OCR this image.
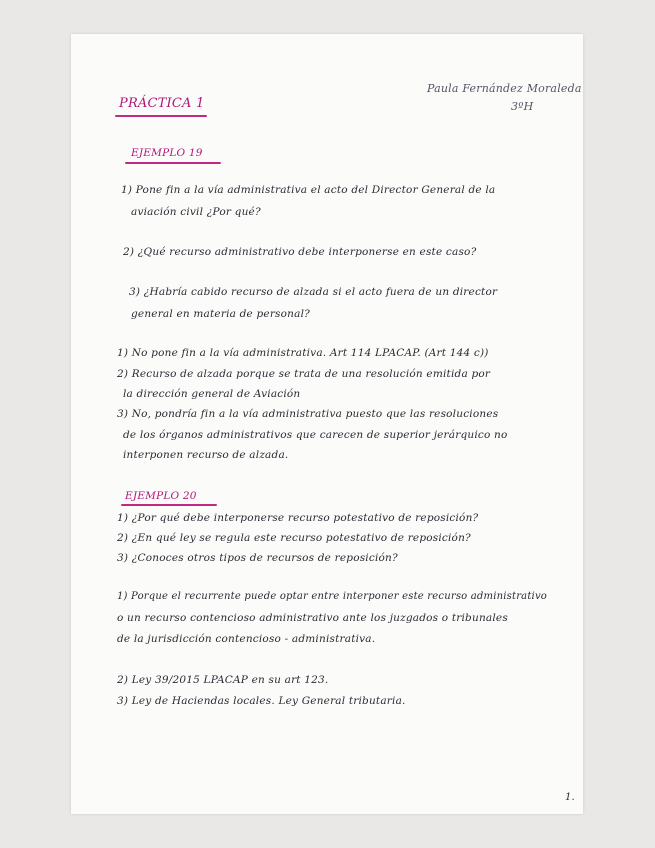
PRÁCTICA 1
Paula Fernández Moraleda
3ºH
EJEMPLO 19
1) Pone fin a la vía administrativa el acto del Director General de la
aviación civil ¿Por qué?
2) ¿Qué recurso administrativo debe interponerse en este caso?
3) ¿Habría cabido recurso de alzada si el acto fuera de un director
general en materia de personal?
1) No pone fin a la vía administrativa. Art 114 LPACAP. (Art 144 c))
2) Recurso de alzada porque se trata de una resolución emitida por
la dirección general de Aviación
3) No, pondría fin a la vía administrativa puesto que las resoluciones
de los órganos administrativos que carecen de superior jerárquico no
interponen recurso de alzada.
EJEMPLO 20
1) ¿Por qué debe interponerse recurso potestativo de reposición?
2) ¿En qué ley se regula este recurso potestativo de reposición?
3) ¿Conoces otros tipos de recursos de reposición?
1) Porque el recurrente puede optar entre interponer este recurso administrativo
o un recurso contencioso administrativo ante los juzgados o tribunales
de la jurisdicción contencioso - administrativa.
2) Ley 39/2015 LPACAP en su art 123.
3) Ley de Haciendas locales. Ley General tributaria.
1.
